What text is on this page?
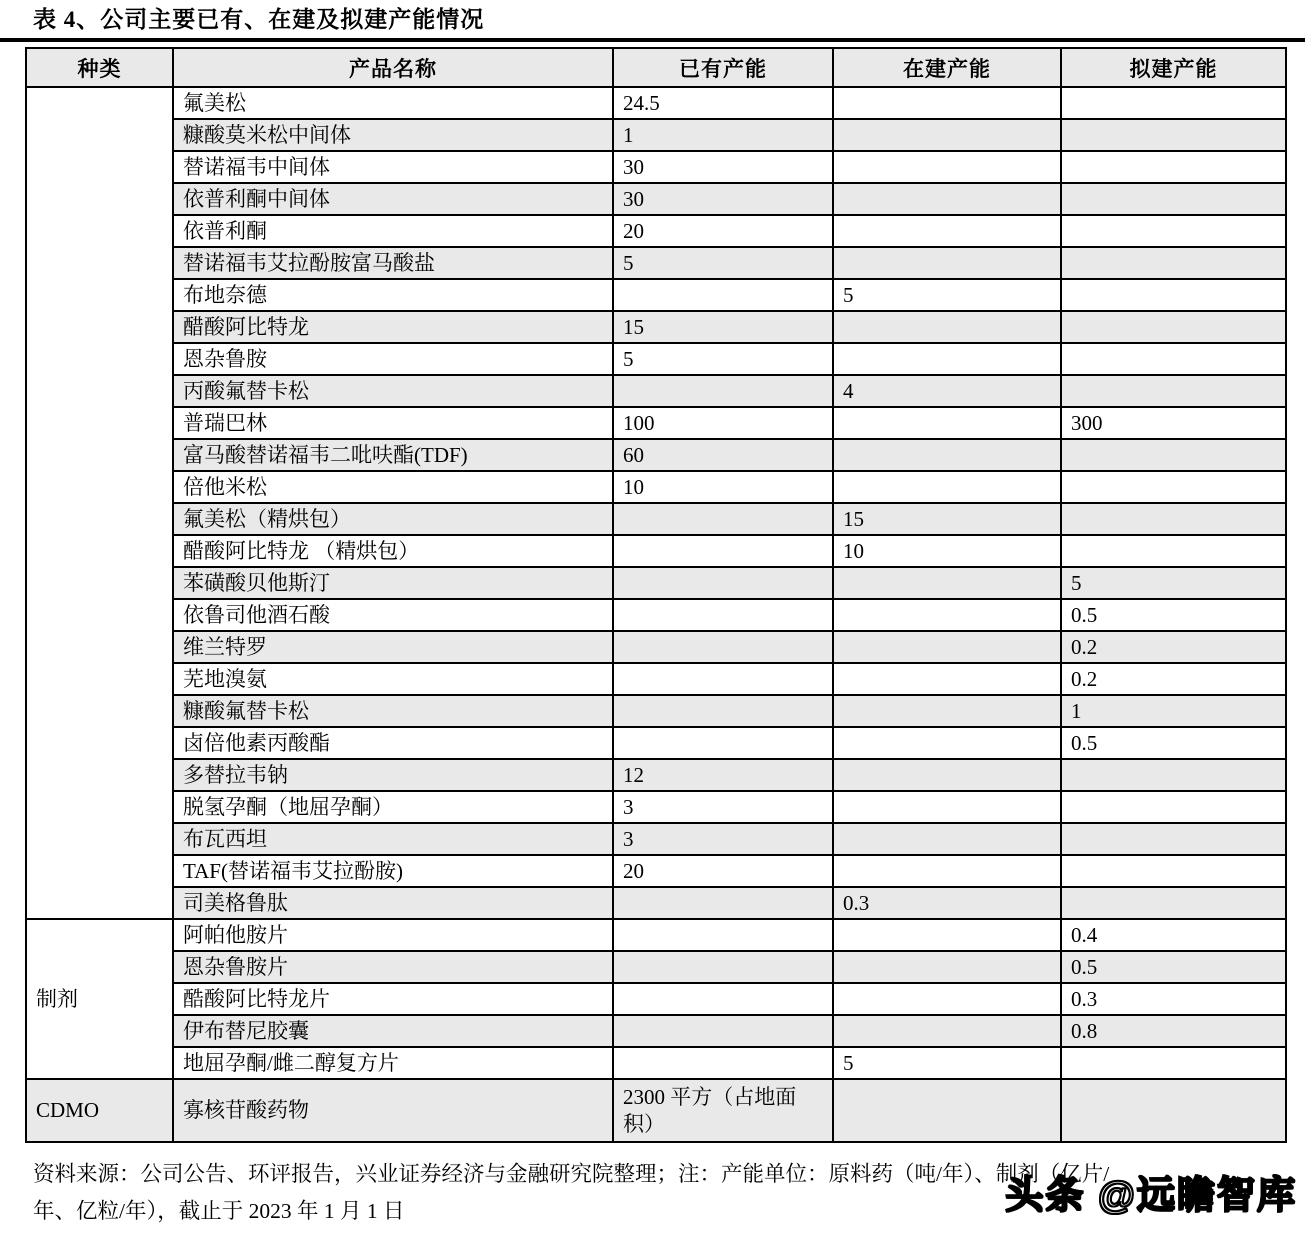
表 4、公司主要已有、在建及拟建产能情况
种类	产品名称	已有产能	在建产能	拟建产能
	氟美松	24.5		
	糠酸莫米松中间体	1		
	替诺福韦中间体	30		
	依普利酮中间体	30		
	依普利酮	20		
	替诺福韦艾拉酚胺富马酸盐	5		
	布地奈德		5	
	醋酸阿比特龙	15		
	恩杂鲁胺	5		
	丙酸氟替卡松		4	
	普瑞巴林	100		300
	富马酸替诺福韦二吡呋酯(TDF)	60		
	倍他米松	10		
	氟美松（精烘包）		15	
	醋酸阿比特龙 （精烘包）		10	
	苯磺酸贝他斯汀			5
	依鲁司他酒石酸			0.5
	维兰特罗			0.2
	芜地溴氨			0.2
	糠酸氟替卡松			1
	卤倍他素丙酸酯			0.5
	多替拉韦钠	12		
	脱氢孕酮（地屈孕酮）	3		
	布瓦西坦	3		
	TAF(替诺福韦艾拉酚胺)	20		
	司美格鲁肽		0.3	
制剂	阿帕他胺片			0.4
	恩杂鲁胺片			0.5
	酷酸阿比特龙片			0.3
	伊布替尼胶囊			0.8
	地屈孕酮/雌二醇复方片		5	
CDMO	寡核苷酸药物	2300 平方（占地面积）		
资料来源：公司公告、环评报告，兴业证券经济与金融研究院整理；注：产能单位：原料药（吨/年）、制剂（亿片/
年、亿粒/年），截止于 2023 年 1 月 1 日	头条 @远瞻智库
